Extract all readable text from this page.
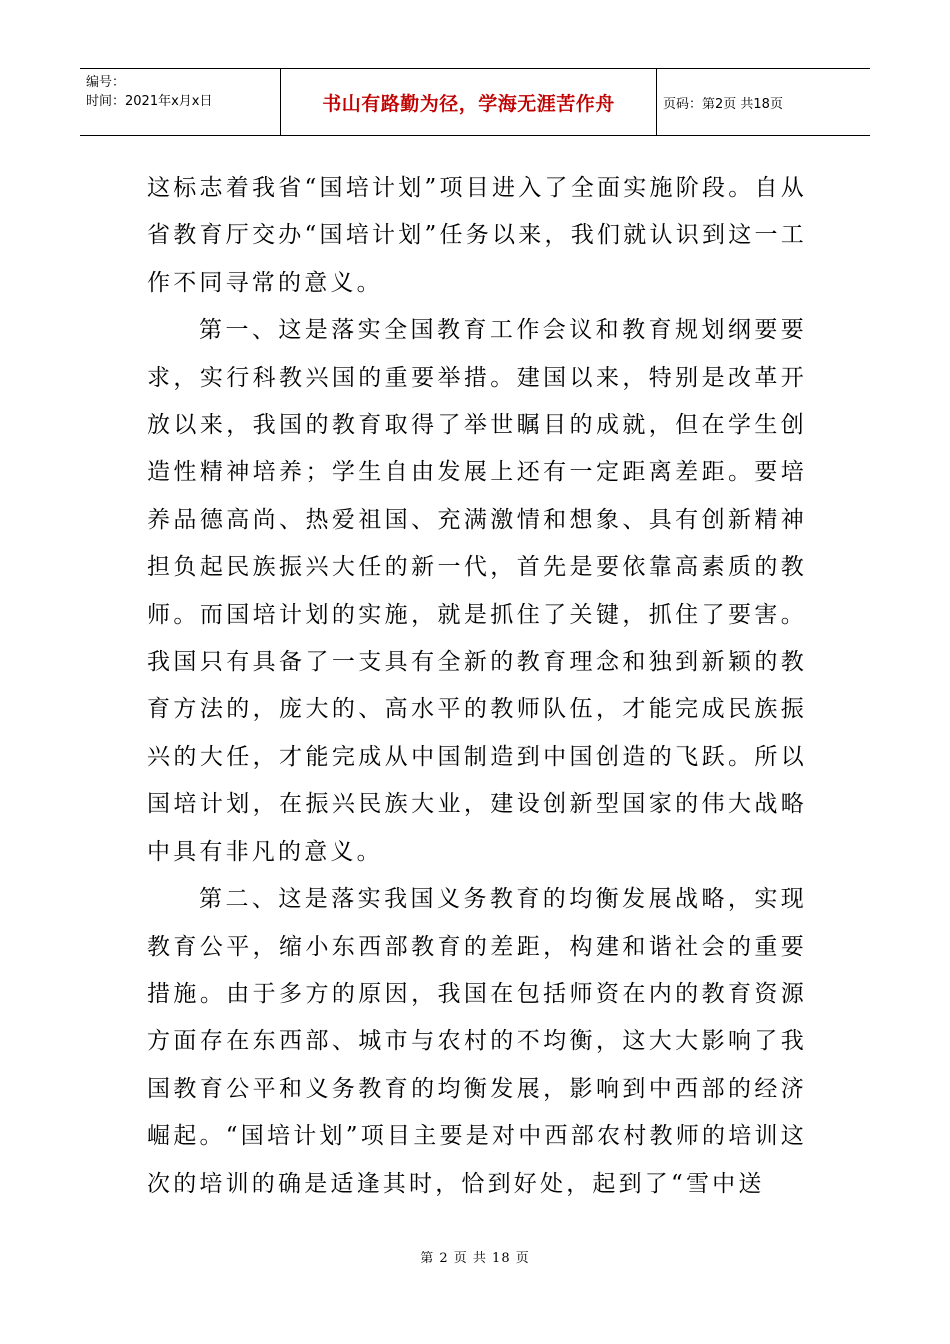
编号：
时间：2021年x月x日	书山有路勤为径，学海无涯苦作舟	页码：第2页 共18页

这标志着我省“国培计划”项目进入了全面实施阶段。自从省教育厅交办“国培计划”任务以来，我们就认识到这一工作不同寻常的意义。

第一、这是落实全国教育工作会议和教育规划纲要要求，实行科教兴国的重要举措。建国以来，特别是改革开放以来，我国的教育取得了举世瞩目的成就，但在学生创造性精神培养；学生自由发展上还有一定距离差距。要培养品德高尚、热爱祖国、充满激情和想象、具有创新精神担负起民族振兴大任的新一代，首先是要依靠高素质的教师。而国培计划的实施，就是抓住了关键，抓住了要害。我国只有具备了一支具有全新的教育理念和独到新颖的教育方法的，庞大的、高水平的教师队伍，才能完成民族振兴的大任，才能完成从中国制造到中国创造的飞跃。所以国培计划，在振兴民族大业，建设创新型国家的伟大战略中具有非凡的意义。

第二、这是落实我国义务教育的均衡发展战略，实现教育公平，缩小东西部教育的差距，构建和谐社会的重要措施。由于多方的原因，我国在包括师资在内的教育资源方面存在东西部、城市与农村的不均衡，这大大影响了我国教育公平和义务教育的均衡发展，影响到中西部的经济崛起。“国培计划”项目主要是对中西部农村教师的培训这次的培训的确是适逢其时，恰到好处，起到了“雪中送

第 2 页 共 18 页
